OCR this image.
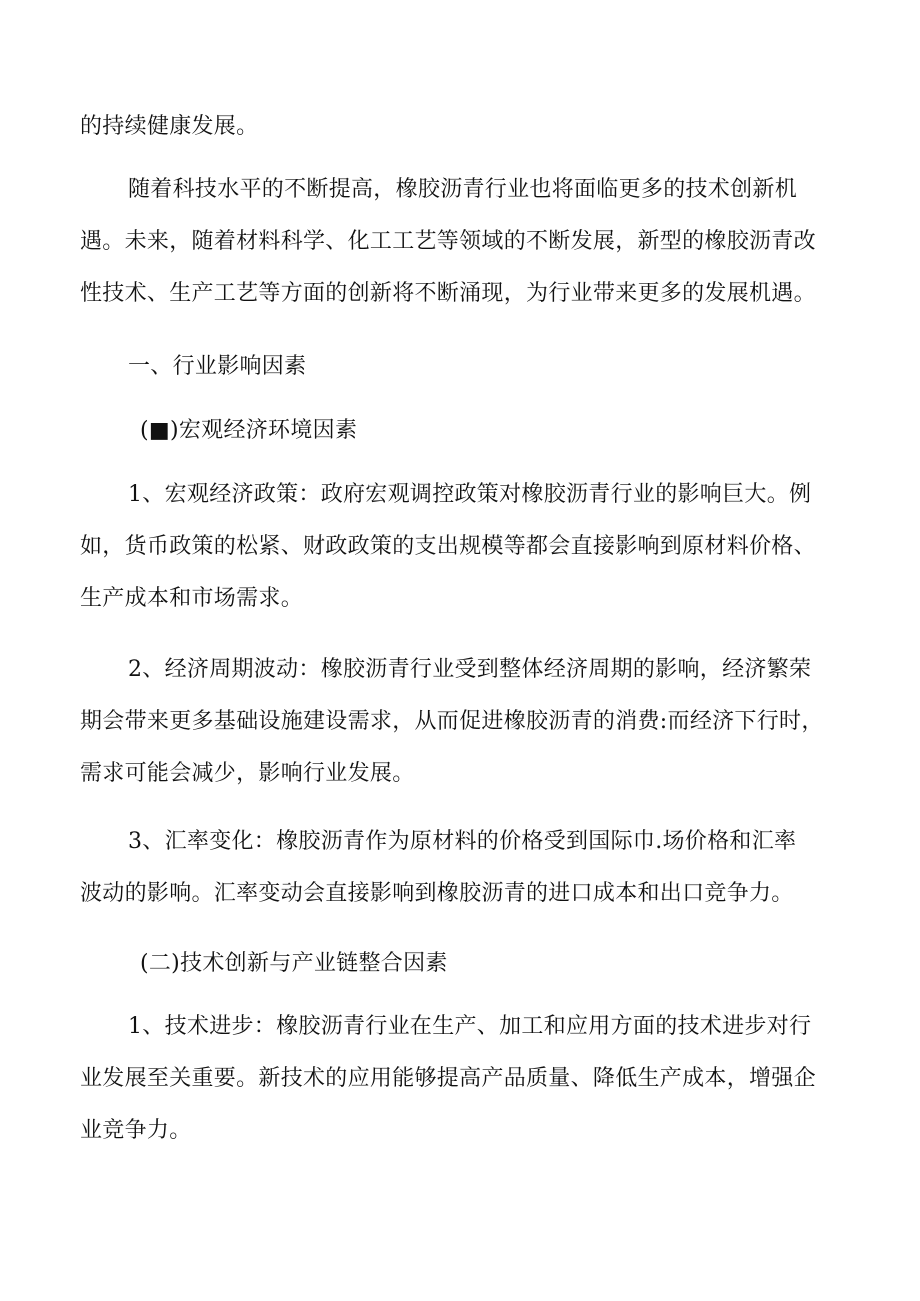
的持续健康发展。
随着科技水平的不断提高，橡胶沥青行业也将面临更多的技术创新机
遇。未来，随着材料科学、化工工艺等领域的不断发展，新型的橡胶沥青改
性技术、生产工艺等方面的创新将不断涌现，为行业带来更多的发展机遇。
一、行业影响因素
(■)宏观经济环境因素
1、宏观经济政策：政府宏观调控政策对橡胶沥青行业的影响巨大。例
如，货币政策的松紧、财政政策的支出规模等都会直接影响到原材料价格、
生产成本和市场需求。
2、经济周期波动：橡胶沥青行业受到整体经济周期的影响，经济繁荣
期会带来更多基础设施建设需求，从而促进橡胶沥青的消费:而经济下行时，
需求可能会减少，影响行业发展。
3、汇率变化：橡胶沥青作为原材料的价格受到国际巾.场价格和汇率
波动的影响。汇率变动会直接影响到橡胶沥青的进口成本和出口竞争力。
(二)技术创新与产业链整合因素
1、技术进步：橡胶沥青行业在生产、加工和应用方面的技术进步对行
业发展至关重要。新技术的应用能够提高产品质量、降低生产成本，增强企
业竞争力。
